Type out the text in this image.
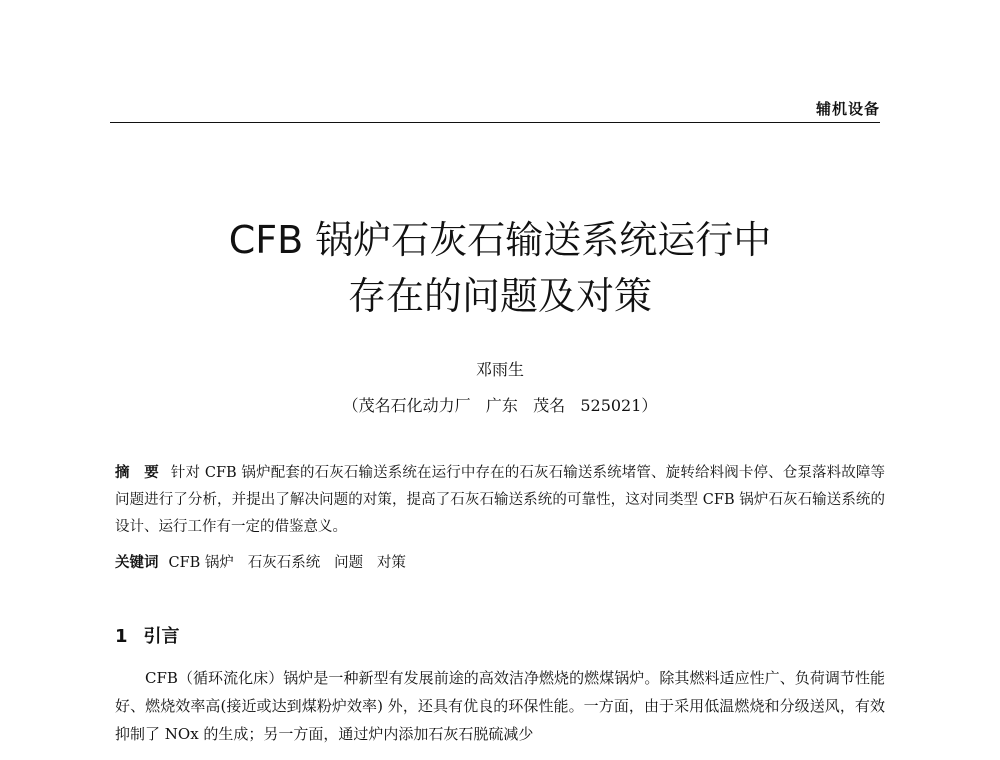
辅机设备
CFB 锅炉石灰石输送系统运行中
存在的问题及对策
邓雨生
（茂名石化动力厂   广东   茂名   525021）
摘　要 针对 CFB 锅炉配套的石灰石输送系统在运行中存在的石灰石输送系统堵管、旋转给料阀卡停、仓泵落料故障等问题进行了分析，并提出了解决问题的对策，提高了石灰石输送系统的可靠性，这对同类型 CFB 锅炉石灰石输送系统的设计、运行工作有一定的借鉴意义。
关键词 CFB 锅炉   石灰石系统   问题   对策
1 引言

CFB（循环流化床）锅炉是一种新型有发展前途的高效洁净燃烧的燃煤锅炉。除其燃料适应性广、负荷调节性能好、燃烧效率高(接近或达到煤粉炉效率) 外，还具有优良的环保性能。一方面，由于采用低温燃烧和分级送风，有效抑制了 NOx 的生成；另一方面，通过炉内添加石灰石脱硫减少
